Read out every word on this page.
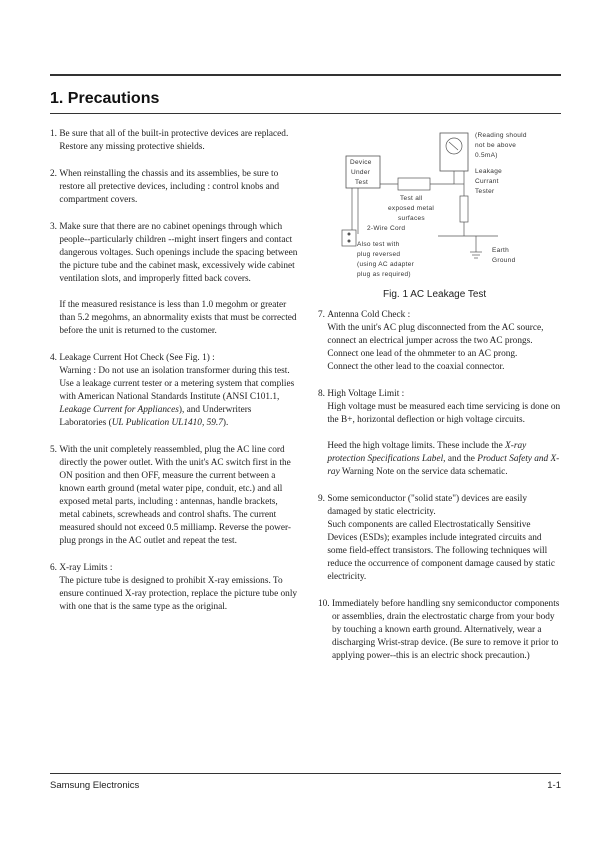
1. Precautions
1.
Be sure that all of the built-in protective devices are replaced. Restore any missing protective shields.

2.
When reinstalling the chassis and its assemblies, be sure to restore all pretective devices, including : control knobs and compartment covers.

3.
Make sure that there are no cabinet openings through which people--particularly children --might insert fingers and contact dangerous voltages. Such openings include the spacing between the picture tube and the cabinet mask, excessively wide cabinet ventilation slots, and improperly fitted back covers.

If the measured resistance is less than 1.0 megohm or greater than 5.2 megohms, an abnormality exists that must be corrected before the unit is returned to the customer.

4.
Leakage Current Hot Check (See Fig. 1) :

Warning : Do not use an isolation transformer during this test. Use a leakage current tester or a metering system that complies with American National Standards Institute (ANSI C101.1, Leakage Current for Appliances), and Underwriters Laboratories (UL Publication UL1410, 59.7).

5.
With the unit completely reassembled, plug the AC line cord directly the power outlet. With the unit's AC switch first in the ON position and then OFF, measure the current between a known earth ground (metal water pipe, conduit, etc.) and all exposed metal parts, including : antennas, handle brackets, metal cabinets, screwheads and control shafts. The current measured should not exceed 0.5 milliamp. Reverse the power-plug prongs in the AC outlet and repeat the test.

6.
X-ray Limits :

The picture tube is designed to prohibit X-ray emissions. To ensure continued X-ray protection, replace the picture tube only with one that is the same type as the original.

Device
Under
Test
(Reading should
not be above
0.5mA)
Leakage
Currant
Tester
Test all
exposed metal
surfaces
2-Wire Cord
Also test with
plug reversed
(using AC adapter
plug as required)
Earth
Ground
Fig. 1 AC Leakage Test
7.
Antenna Cold Check :

With the unit's AC plug disconnected from the AC source, connect an electrical jumper across the two AC prongs. Connect one lead of the ohmmeter to an AC prong.

Connect the other lead to the coaxial connector.

8.
High Voltage Limit :

High voltage must be measured each time servicing is done on the B+, horizontal deflection or high voltage circuits.

Heed the high voltage limits. These include the X-ray protection Specifications Label, and the Product Safety and X-ray Warning Note on the service data schematic.

9.
Some semiconductor ("solid state") devices are easily damaged by static electricity.

Such components are called Electrostatically Sensitive Devices (ESDs); examples include integrated circuits and some field-effect transistors. The following techniques will reduce the occurrence of component damage caused by static electricity.

10.
Immediately before handling sny semiconductor components or assemblies, drain the electrostatic charge from your body by touching a known earth ground. Alternatively, wear a discharging Wrist-strap device. (Be sure to remove it prior to applying power--this is an electric shock precaution.)

Samsung Electronics	1-1
